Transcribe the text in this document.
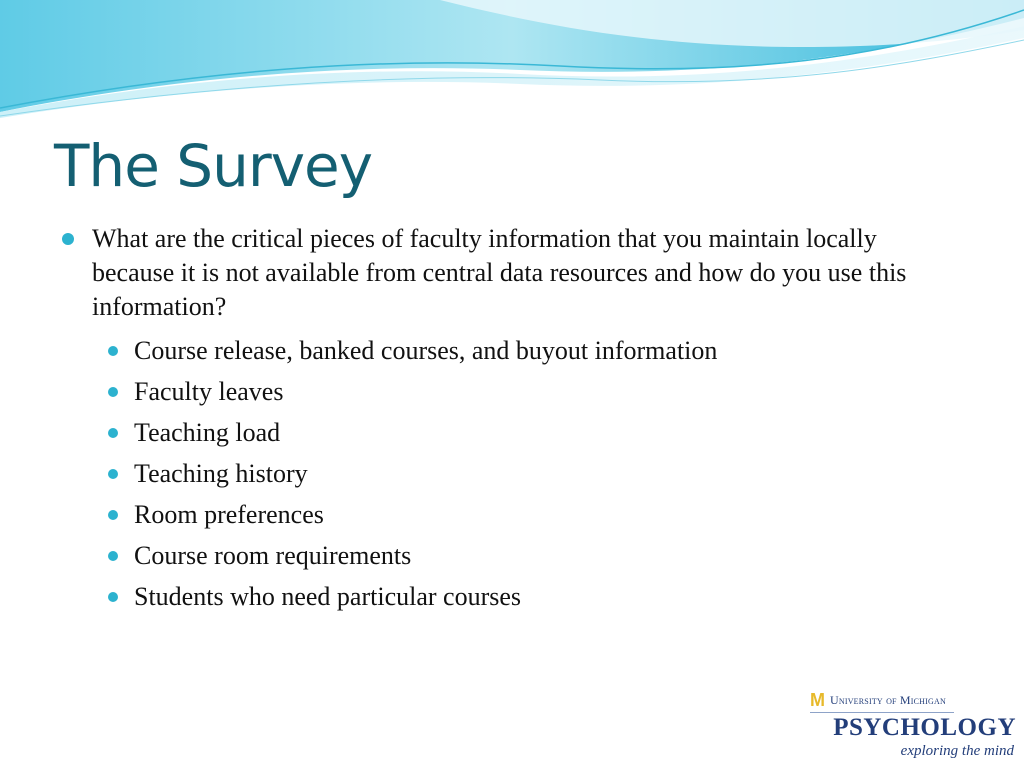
The Survey
What are the critical pieces of faculty information that you maintain locally because it is not available from central data resources and how do you use this information?
Course release, banked courses, and buyout information
Faculty leaves
Teaching load
Teaching history
Room preferences
Course room requirements
Students who need particular courses
M University of Michigan
PSYCHOLOGY
exploring the mind
